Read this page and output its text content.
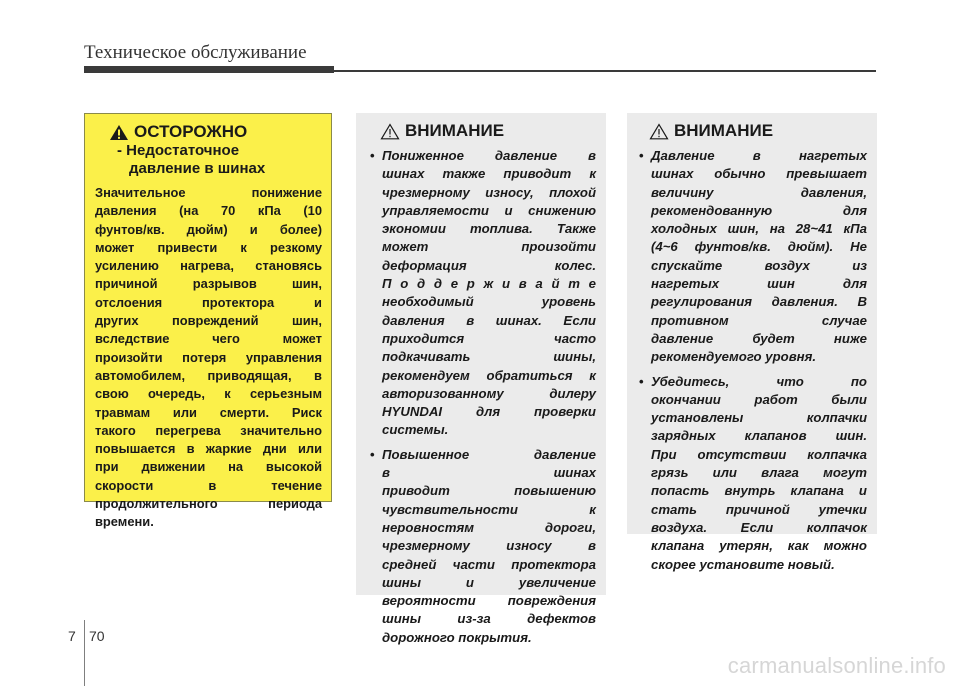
Техническое обслуживание
ОСТОРОЖНО
- Недостаточное
давление в шинах
Значительное понижение
давления (на 70 кПа (10
фунтов/кв. дюйм) и более)
может привести к резкому
усилению нагрева, становясь
причиной разрывов шин,
отслоения протектора и
других повреждений шин,
вследствие чего может
произойти потеря управления
автомобилем, приводящая, в
свою очередь, к серьезным
травмам или смерти. Риск
такого перегрева значительно
повышается в жаркие дни или
при движении на высокой
скорости в течение
продолжительного периода
времени.
ВНИМАНИЕ
• Пониженное давление в
шинах также приводит к
чрезмерному износу, плохой
управляемости и снижению
экономии топлива. Также
может произойти
деформация колес.
П о д д е р ж и в а й т е
необходимый уровень
давления в шинах. Если
приходится часто
подкачивать шины,
рекомендуем обратиться к
авторизованному дилеру
HYUNDAI для проверки
системы.
• Повышенное давление
в шинах
приводит повышению
чувствительности к
неровностям дороги,
чрезмерному износу в
средней части протектора
шины и увеличение
вероятности повреждения
шины из-за дефектов
дорожного покрытия.
ВНИМАНИЕ
• Давление в нагретых
шинах обычно превышает
величину давления,
рекомендованную для
холодных шин, на 28~41 кПа
(4~6 фунтов/кв. дюйм). Не
спускайте воздух из
нагретых шин для
регулирования давления. В
противном случае
давление будет ниже
рекомендуемого уровня.
• Убедитесь, что по
окончании работ были
установлены колпачки
зарядных клапанов шин.
При отсутствии колпачка
грязь или влага могут
попасть внутрь клапана и
стать причиной утечки
воздуха. Если колпачок
клапана утерян, как можно
скорее установите новый.
7 70
carmanualsonline.info
